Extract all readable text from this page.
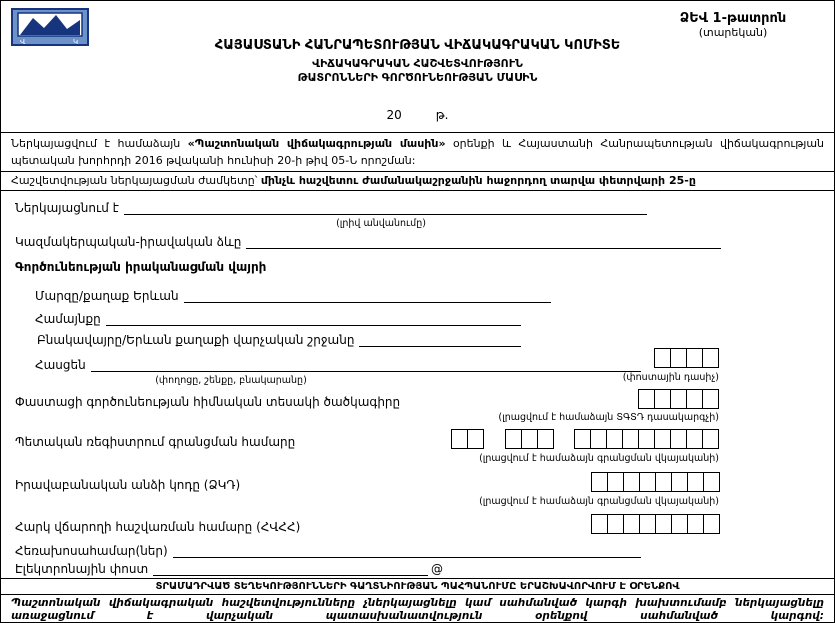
Վ	Կ
ՁԵՎ 1-թատրոն
(տարեկան)
ՀԱՅԱՍՏԱՆԻ ՀԱՆՐԱՊԵՏՈՒԹՅԱՆ ՎԻՃԱԿԱԳՐԱԿԱՆ ԿՈՄԻՏԵ
ՎԻՃԱԿԱԳՐԱԿԱՆ ՀԱՇՎԵՏՎՈՒԹՅՈՒՆ
ԹԱՏՐՈՆՆԵՐԻ ԳՈՐԾՈՒՆԵՈՒԹՅԱՆ ՄԱՍԻՆ
20	թ.
Ներկայացվում է համաձայն «Պաշտոնական վիճակագրության մասին» օրենքի և Հայաստանի Հանրապետության վիճակագրության պետական խորհրդի 2016 թվականի հունիսի 20-ի թիվ 05-Ն որոշման:
Հաշվետվության ներկայացման ժամկետը՝ մինչև հաշվետու ժամանակաշրջանին հաջորդող տարվա փետրվարի 25-ը
Ներկայացնում է
(լրիվ անվանումը)
Կազմակերպական-իրավական ձևը
Գործունեության իրականացման վայրի
Մարզը/քաղաք Երևան
Համայնքը
Բնակավայրը/Երևան քաղաքի վարչական շրջանը
Հասցեն
(փողոցը, շենքը, բնակարանը)	(փոստային դասիչ)
Փաստացի գործունեության հիմնական տեսակի ծածկագիրը
(լրացվում է համաձայն ՏԳՏԴ դասակարգչի)
Պետական ռեգիստրում գրանցման համարը
(լրացվում է համաձայն գրանցման վկայականի)
Իրավաբանական անձի կոդը (ՁԿԴ)
(լրացվում է համաձայն գրանցման վկայականի)
Հարկ վճարողի հաշվառման համարը (ՀՎՀՀ)
Հեռախոսահամար(ներ)
Էլեկտրոնային փոստ	@
ՏՐԱՄԱԴՐՎԱԾ ՏԵՂԵԿՈՒԹՅՈՒՆՆԵՐԻ ԳԱՂՏՆԻՈՒԹՅԱՆ ՊԱՀՊԱՆՈՒՄԸ ԵՐԱՇԽԱՎՈՐՎՈՒՄ Է ՕՐԵՆՔՈՎ
Պաշտոնական վիճակագրական հաշվետվությունները չներկայացնելը կամ սահմանված կարգի խախտումամբ ներկայացնելը առաջացնում է վարչական պատասխանատվություն օրենքով սահմանված կարգով:
